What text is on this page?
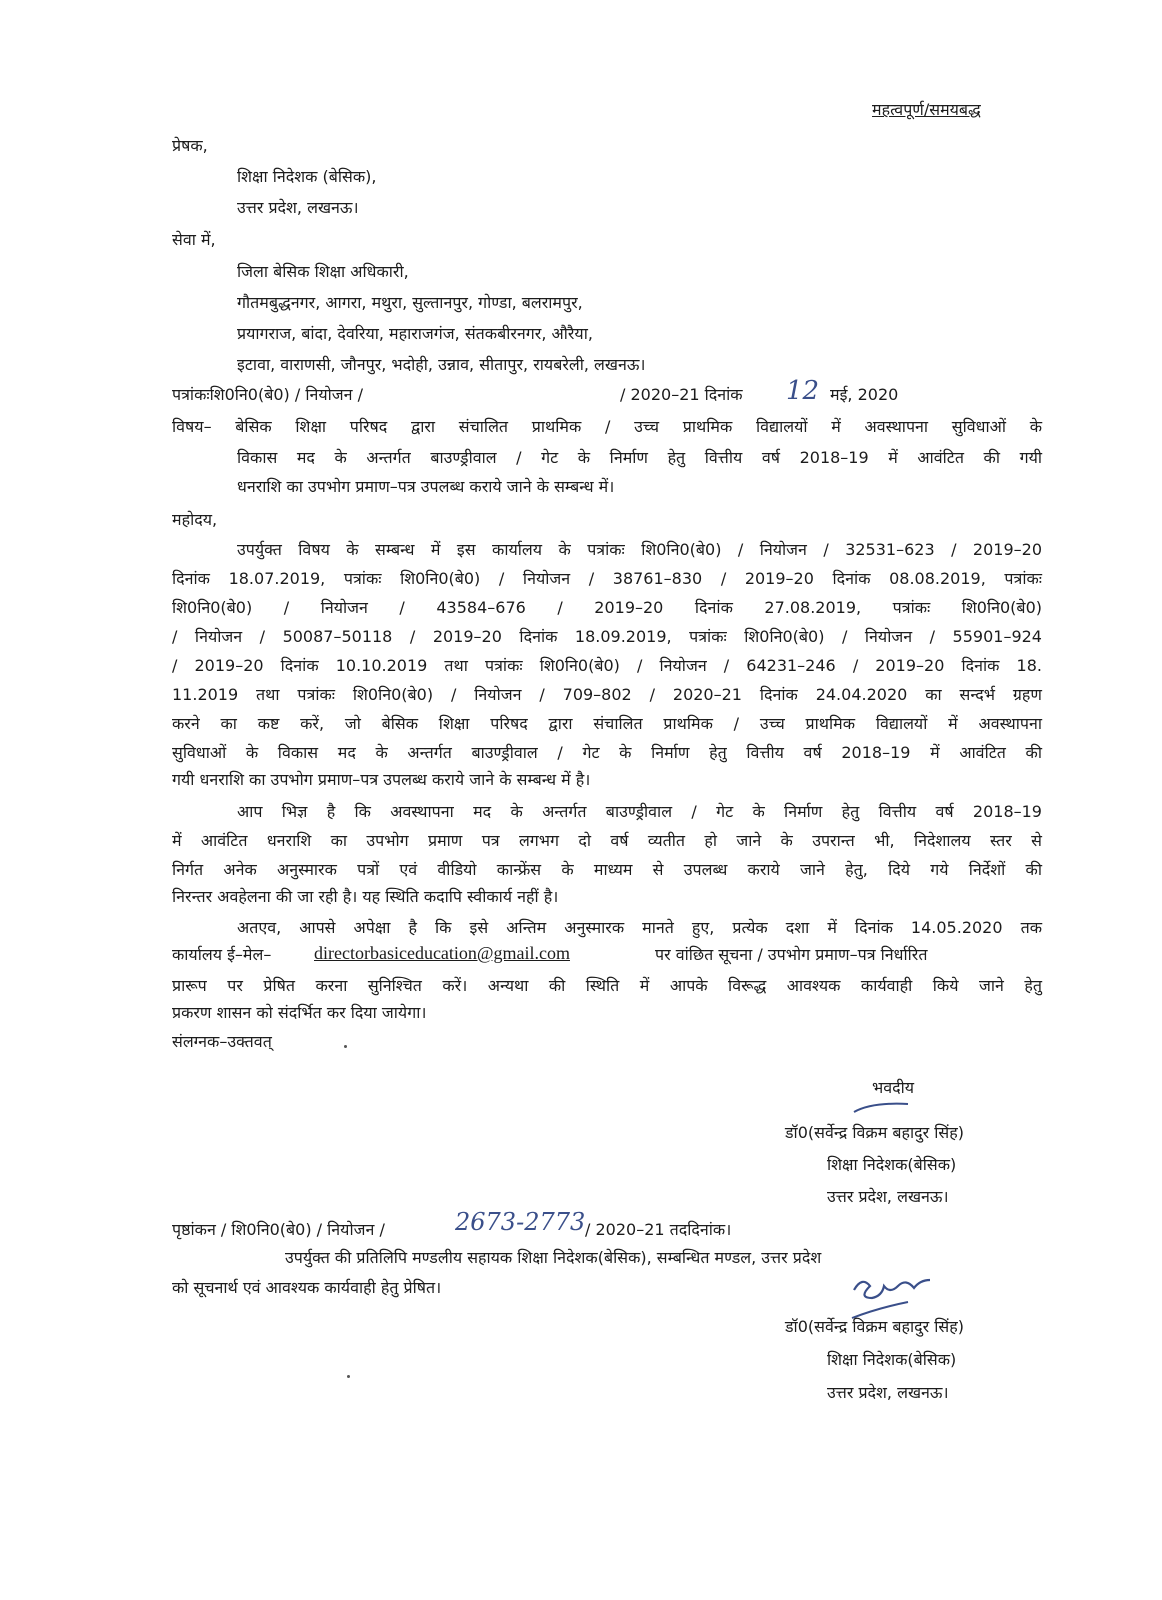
महत्वपूर्ण/समयबद्ध
प्रेषक,
शिक्षा निदेशक (बेसिक),
उत्तर प्रदेश, लखनऊ।
सेवा में,
जिला बेसिक शिक्षा अधिकारी,
गौतमबुद्धनगर, आगरा, मथुरा, सुल्तानपुर, गोण्डा, बलरामपुर,
प्रयागराज, बांदा, देवरिया, महाराजगंज, संतकबीरनगर, औरैया,
इटावा, वाराणसी, जौनपुर, भदोही, उन्नाव, सीतापुर, रायबरेली, लखनऊ।
पत्रांकःशि0नि0(बे0) / नियोजन /	/ 2020–21 दिनांक 12 मई, 2020
विषय– बेसिक शिक्षा परिषद द्वारा संचालित प्राथमिक / उच्च प्राथमिक विद्यालयों में अवस्थापना सुविधाओं के
विकास मद के अन्तर्गत बाउण्ड्रीवाल / गेट के निर्माण हेतु वित्तीय वर्ष 2018–19 में आवंटित की गयी
धनराशि का उपभोग प्रमाण–पत्र उपलब्ध कराये जाने के सम्बन्ध में।
महोदय,
उपर्युक्त विषय के सम्बन्ध में इस कार्यालय के पत्रांकः शि0नि0(बे0) / नियोजन / 32531–623 / 2019–20
दिनांक 18.07.2019, पत्रांकः शि0नि0(बे0) / नियोजन / 38761–830 / 2019–20 दिनांक 08.08.2019, पत्रांकः
शि0नि0(बे0) / नियोजन / 43584–676 / 2019–20 दिनांक 27.08.2019, पत्रांकः शि0नि0(बे0)
/ नियोजन / 50087–50118 / 2019–20 दिनांक 18.09.2019, पत्रांकः शि0नि0(बे0) / नियोजन / 55901–924
/ 2019–20 दिनांक 10.10.2019 तथा पत्रांकः शि0नि0(बे0) / नियोजन / 64231–246 / 2019–20 दिनांक 18.
11.2019 तथा पत्रांकः शि0नि0(बे0) / नियोजन / 709–802 / 2020–21 दिनांक 24.04.2020 का सन्दर्भ ग्रहण
करने का कष्ट करें, जो बेसिक शिक्षा परिषद द्वारा संचालित प्राथमिक / उच्च प्राथमिक विद्यालयों में अवस्थापना
सुविधाओं के विकास मद के अन्तर्गत बाउण्ड्रीवाल / गेट के निर्माण हेतु वित्तीय वर्ष 2018–19 में आवंटित की
गयी धनराशि का उपभोग प्रमाण–पत्र उपलब्ध कराये जाने के सम्बन्ध में है।
आप भिज्ञ है कि अवस्थापना मद के अन्तर्गत बाउण्ड्रीवाल / गेट के निर्माण हेतु वित्तीय वर्ष 2018–19
में आवंटित धनराशि का उपभोग प्रमाण पत्र लगभग दो वर्ष व्यतीत हो जाने के उपरान्त भी, निदेशालय स्तर से
निर्गत अनेक अनुस्मारक पत्रों एवं वीडियो कान्फ्रेंस के माध्यम से उपलब्ध कराये जाने हेतु, दिये गये निर्देशों की
निरन्तर अवहेलना की जा रही है। यह स्थिति कदापि स्वीकार्य नहीं है।
अतएव, आपसे अपेक्षा है कि इसे अन्तिम अनुस्मारक मानते हुए, प्रत्येक दशा में दिनांक 14.05.2020 तक
कार्यालय ई–मेल– directorbasiceducation@gmail.com	पर वांछित सूचना / उपभोग प्रमाण–पत्र निर्धारित
प्रारूप पर प्रेषित करना सुनिश्चित करें। अन्यथा की स्थिति में आपके विरूद्ध आवश्यक कार्यवाही किये जाने हेतु
प्रकरण शासन को संदर्भित कर दिया जायेगा।
संलग्नक–उक्तवत्
भवदीय
डॉ0(सर्वेन्द्र विक्रम बहादुर सिंह)
शिक्षा निदेशक(बेसिक)
उत्तर प्रदेश, लखनऊ।
पृष्ठांकन / शि0नि0(बे0) / नियोजन /	2673-2773 / 2020–21 तददिनांक।
उपर्युक्त की प्रतिलिपि मण्डलीय सहायक शिक्षा निदेशक(बेसिक), सम्बन्धित मण्डल, उत्तर प्रदेश
को सूचनार्थ एवं आवश्यक कार्यवाही हेतु प्रेषित।
डॉ0(सर्वेन्द्र विक्रम बहादुर सिंह)
शिक्षा निदेशक(बेसिक)
उत्तर प्रदेश, लखनऊ।
